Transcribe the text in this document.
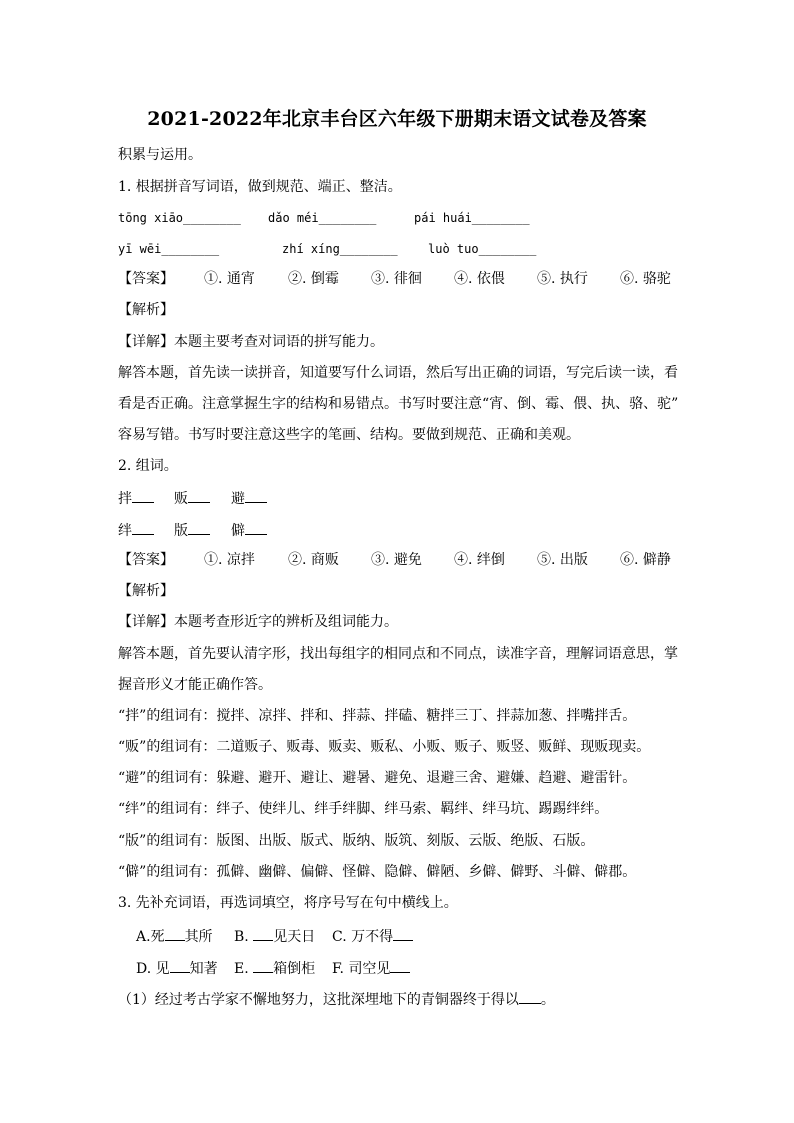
2021-2022年北京丰台区六年级下册期末语文试卷及答案
积累与运用。
1. 根据拼音写词语，做到规范、端正、整洁。
tōng xiāo________ dǎo méi________	pái huái________
yī wēi________	zhí xíng________	luò tuo________
【答案】 ①. 通宵 ②. 倒霉 ③. 徘徊 ④. 依偎 ⑤. 执行 ⑥. 骆驼
【解析】
【详解】本题主要考查对词语的拼写能力。
解答本题，首先读一读拼音，知道要写什么词语，然后写出正确的词语，写完后读一读，看
看是否正确。注意掌握生字的结构和易错点。书写时要注意“宵、倒、霉、偎、执、骆、驼”
容易写错。书写时要注意这些字的笔画、结构。要做到规范、正确和美观。
2. 组词。
拌	贩	避
绊	版	僻
【答案】 ①. 凉拌 ②. 商贩 ③. 避免 ④. 绊倒 ⑤. 出版 ⑥. 僻静
【解析】
【详解】本题考查形近字的辨析及组词能力。
解答本题，首先要认清字形，找出每组字的相同点和不同点，读准字音，理解词语意思，掌
握音形义才能正确作答。
“拌”的组词有：搅拌、凉拌、拌和、拌蒜、拌磕、糖拌三丁、拌蒜加葱、拌嘴拌舌。
“贩”的组词有：二道贩子、贩毒、贩卖、贩私、小贩、贩子、贩竖、贩鲜、现贩现卖。
“避”的组词有：躲避、避开、避让、避暑、避免、退避三舍、避嫌、趋避、避雷针。
“绊”的组词有：绊子、使绊儿、绊手绊脚、绊马索、羁绊、绊马坑、踢踢绊绊。
“版”的组词有：版图、出版、版式、版纳、版筑、刻版、云版、绝版、石版。
“僻”的组词有：孤僻、幽僻、偏僻、怪僻、隐僻、僻陋、乡僻、僻野、斗僻、僻郡。
3. 先补充词语，再选词填空，将序号写在句中横线上。
A.死 其所 B. 见天日 C. 万不得
D. 见 知著 E. 箱倒柜 F. 司空见
（1）经过考古学家不懈地努力，这批深埋地下的青铜器终于得以 。
